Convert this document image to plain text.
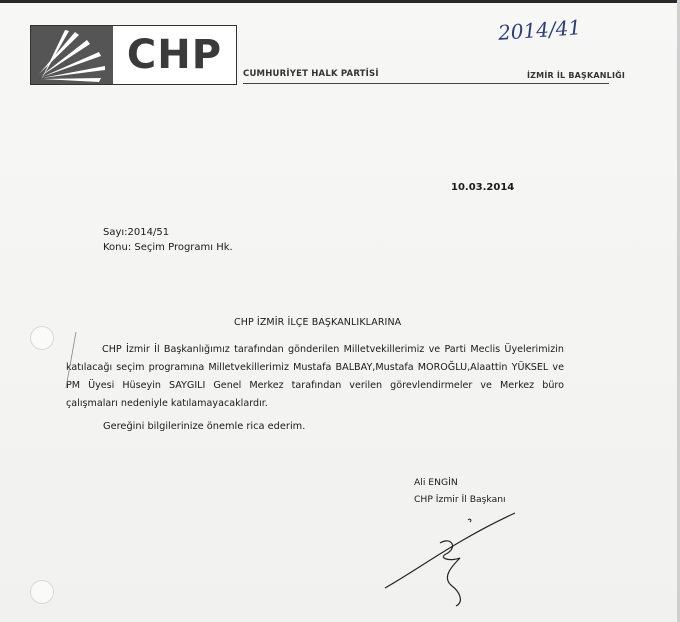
CHP	CUMHURİYET HALK PARTİSİ	İZMİR İL BAŞKANLIĞI
2014/41
10.03.2014
Sayı:2014/51
Konu: Seçim Programı Hk.
CHP İZMİR İLÇE BAŞKANLIKLARINA

CHP İzmir İl Başkanlığımız tarafından gönderilen Milletvekillerimiz ve Parti Meclis Üyelerimizin katılacağı seçim programına Milletvekillerimiz Mustafa BALBAY,Mustafa MOROĞLU,Alaattin YÜKSEL ve PM Üyesi Hüseyin SAYGILI Genel Merkez tarafından verilen görevlendirmeler ve Merkez büro çalışmaları nedeniyle katılamayacaklardır.

Gereğini bilgilerinize önemle rica ederim.
Ali ENGİN
CHP İzmir İl Başkanı
